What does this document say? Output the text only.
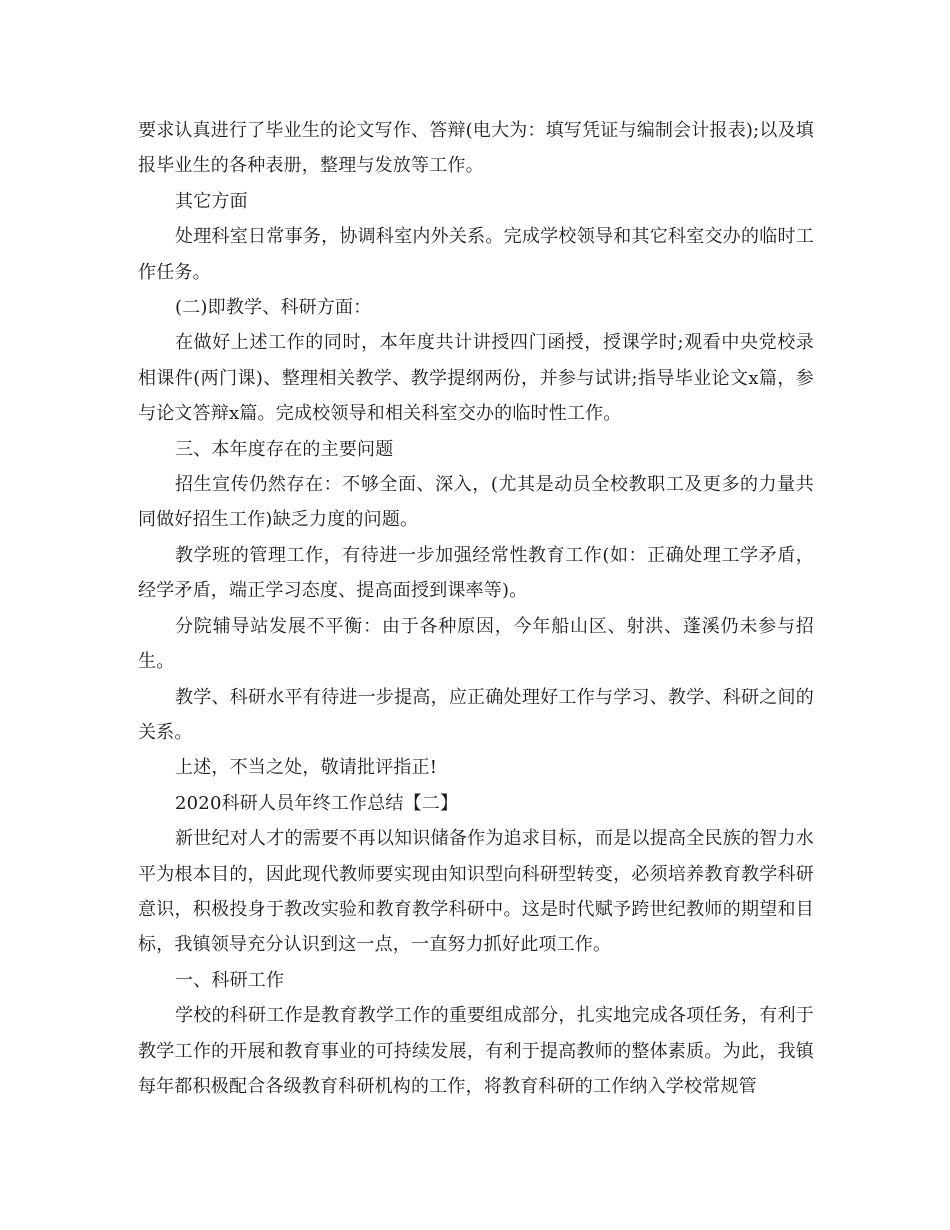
要求认真进行了毕业生的论文写作、答辩(电大为：填写凭证与编制会计报表);以及填报毕业生的各种表册，整理与发放等工作。

其它方面

处理科室日常事务，协调科室内外关系。完成学校领导和其它科室交办的临时工作任务。

(二)即教学、科研方面：

在做好上述工作的同时，本年度共计讲授四门函授，授课学时;观看中央党校录相课件(两门课)、整理相关教学、教学提纲两份，并参与试讲;指导毕业论文x篇，参与论文答辩x篇。完成校领导和相关科室交办的临时性工作。

三、本年度存在的主要问题

招生宣传仍然存在：不够全面、深入，(尤其是动员全校教职工及更多的力量共同做好招生工作)缺乏力度的问题。

教学班的管理工作，有待进一步加强经常性教育工作(如：正确处理工学矛盾，经学矛盾，端正学习态度、提高面授到课率等)。

分院辅导站发展不平衡：由于各种原因，今年船山区、射洪、蓬溪仍未参与招生。

教学、科研水平有待进一步提高，应正确处理好工作与学习、教学、科研之间的关系。

上述，不当之处，敬请批评指正!

2020科研人员年终工作总结【二】

新世纪对人才的需要不再以知识储备作为追求目标，而是以提高全民族的智力水平为根本目的，因此现代教师要实现由知识型向科研型转变，必须培养教育教学科研意识，积极投身于教改实验和教育教学科研中。这是时代赋予跨世纪教师的期望和目标，我镇领导充分认识到这一点，一直努力抓好此项工作。

一、科研工作

学校的科研工作是教育教学工作的重要组成部分，扎实地完成各项任务，有利于教学工作的开展和教育事业的可持续发展，有利于提高教师的整体素质。为此，我镇每年都积极配合各级教育科研机构的工作，将教育科研的工作纳入学校常规管
